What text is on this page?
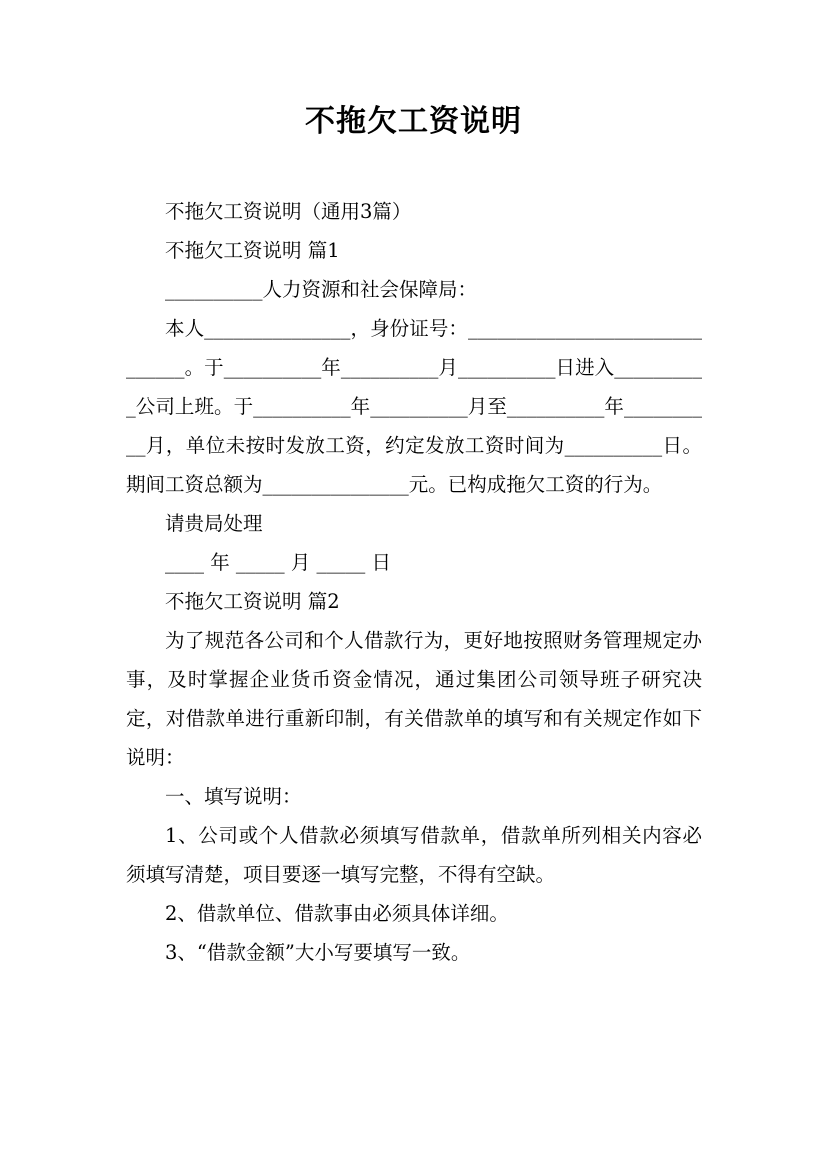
不拖欠工资说明

不拖欠工资说明（通用3篇）

不拖欠工资说明 篇1

__________人力资源和社会保障局：

本人_______________，身份证号：______________________________。于__________年__________月__________日进入__________公司上班。于__________年__________月至__________年__________月，单位未按时发放工资，约定发放工资时间为__________日。期间工资总额为_______________元。已构成拖欠工资的行为。

请贵局处理

____ 年 _____ 月 _____ 日

不拖欠工资说明 篇2

为了规范各公司和个人借款行为，更好地按照财务管理规定办事，及时掌握企业货币资金情况，通过集团公司领导班子研究决定，对借款单进行重新印制，有关借款单的填写和有关规定作如下说明：

一、填写说明：

1、公司或个人借款必须填写借款单，借款单所列相关内容必须填写清楚，项目要逐一填写完整，不得有空缺。

2、借款单位、借款事由必须具体详细。

3、“借款金额”大小写要填写一致。
